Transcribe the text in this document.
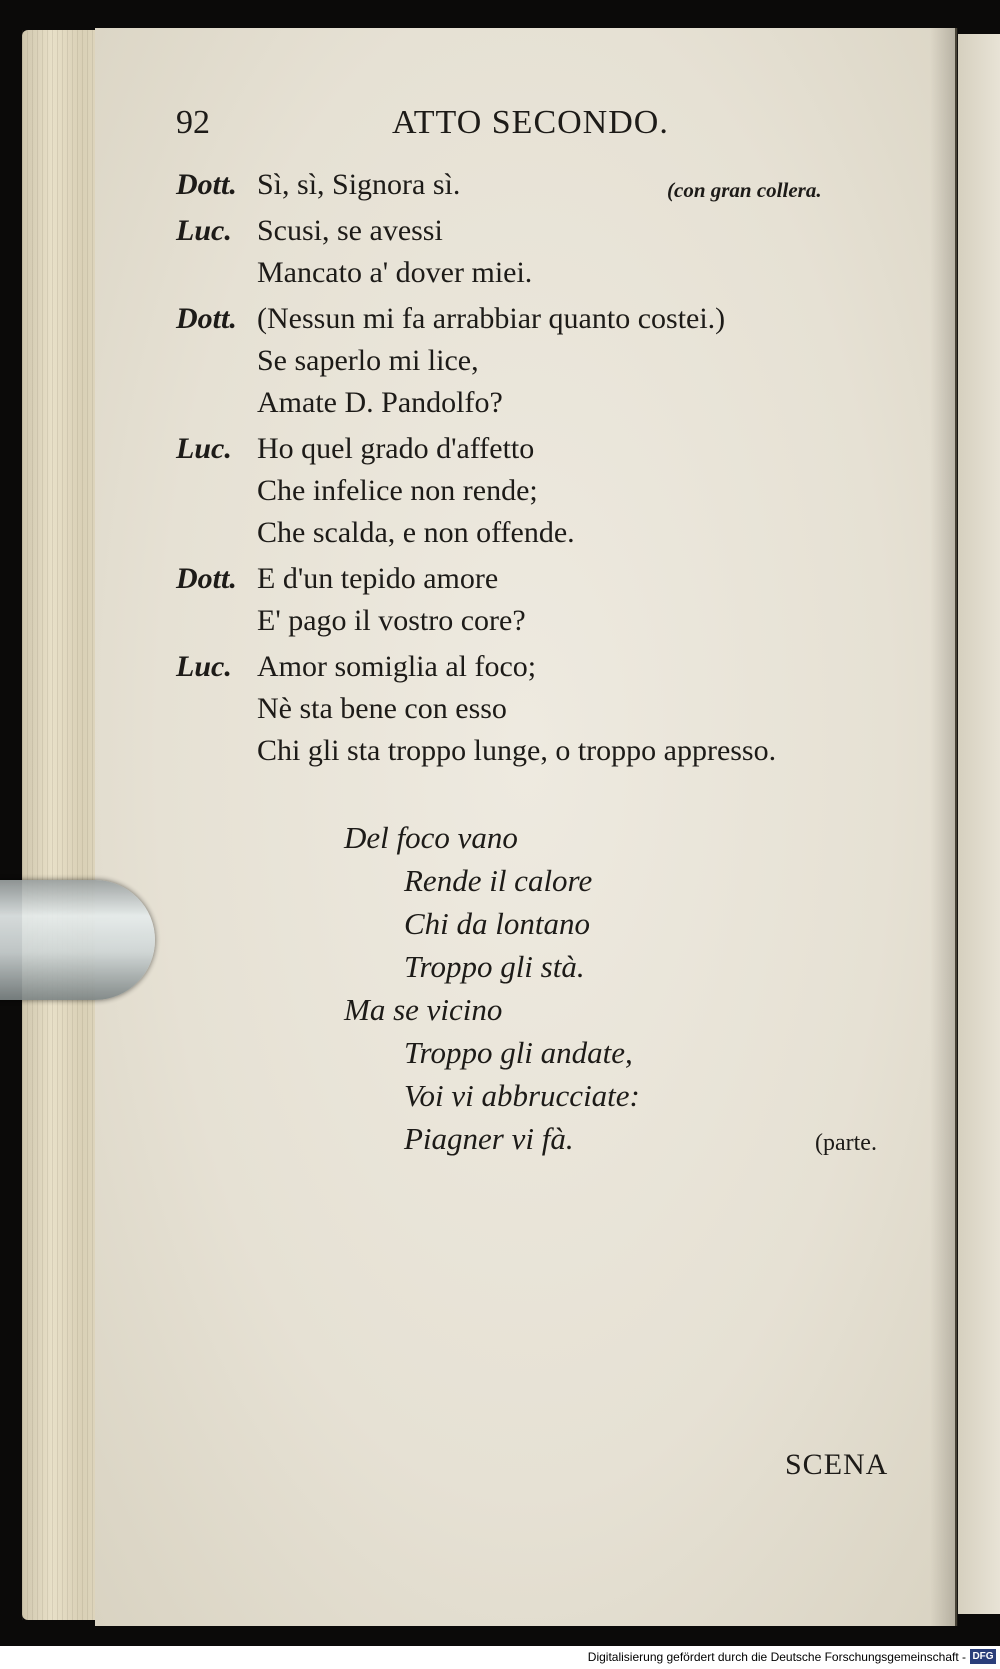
92	ATTO SECONDO.
Dott. Sì, sì, Signora sì.	(con gran collera.
Luc. Scusi, se avessi
Mancato a' dover miei.
Dott. (Nessun mi fa arrabbiar quanto costei.)
Se saperlo mi lice,
Amate D. Pandolfo?
Luc. Ho quel grado d'affetto
Che infelice non rende;
Che scalda, e non offende.
Dott. E d'un tepido amore
E' pago il vostro core?
Luc. Amor somiglia al foco;
Nè sta bene con esso
Chi gli sta troppo lunge, o troppo appresso.
Del foco vano
Rende il calore
Chi da lontano
Troppo gli stà.
Ma se vicino
Troppo gli andate,
Voi vi abbrucciate:
Piagner vi fà.	(parte.
SCENA
Digitalisierung gefördert durch die Deutsche Forschungsgemeinschaft - DFG
